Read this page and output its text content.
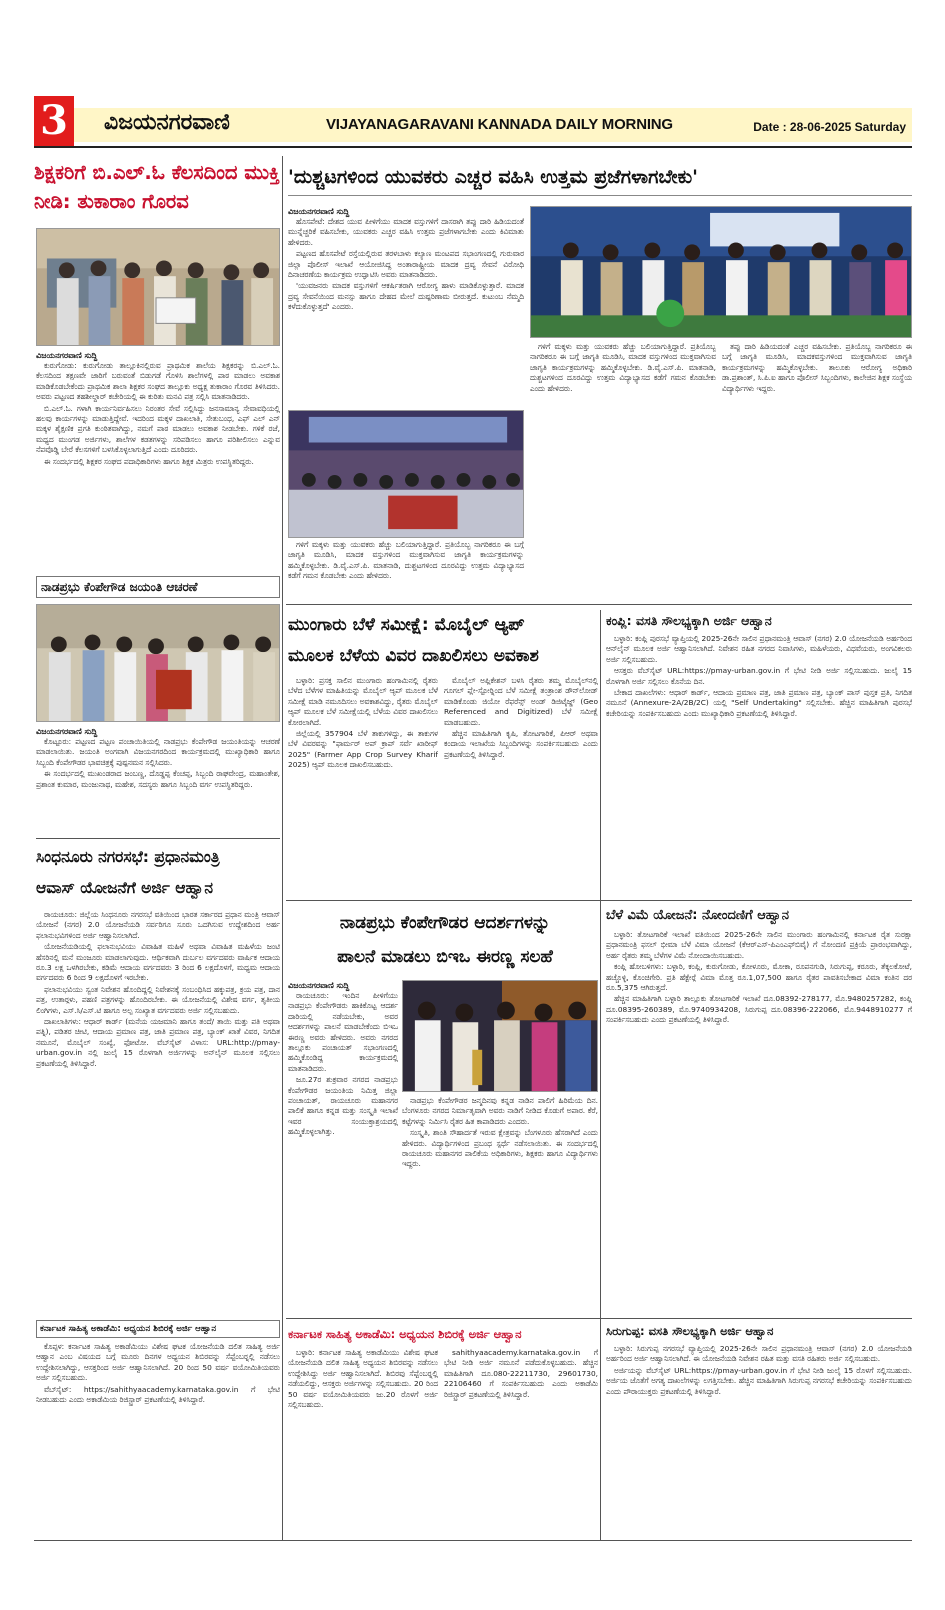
3 ವಿಜಯನಗರವಾಣಿ	VIJAYANAGARAVANI KANNADA DAILY MORNING	Date : 28-06-2025 Saturday
ಶಿಕ್ಷಕರಿಗೆ ಬಿ.ಎಲ್.ಓ ಕೆಲಸದಿಂದ ಮುಕ್ತಿ ನೀಡಿ: ತುಕಾರಾಂ ಗೊರವ
ವಿಜಯನಗರವಾಣಿ ಸುದ್ದಿ

ಕುರುಗೋಡು: ಕುರುಗೋಡು ತಾಲ್ಲೂಕಿನಲ್ಲಿರುವ ಪ್ರಾಥಮಿಕ ಶಾಲೆಯ ಶಿಕ್ಷಕರನ್ನು ಬಿ.ಎಲ್.ಓ. ಕೆಲಸದಿಂದ ತಕ್ಷಣವೇ ಜಾರಿಗೆ ಬರುವಂತೆ ಬಿಡುಗಡೆ ಗೊಳಿಸಿ ಶಾಲೆಗಳಲ್ಲಿ ಪಾಠ ಮಾಡಲು ಅವಕಾಶ ಮಾಡಿಕೊಡಬೇಕೆಂದು ಪ್ರಾಥಮಿಕ ಶಾಲಾ ಶಿಕ್ಷಕರ ಸಂಘದ ತಾಲ್ಲೂಕು ಅಧ್ಯಕ್ಷ ತುಕಾರಾಂ ಗೊರವ ತಿಳಿಸಿದರು. ಅವರು ಪಟ್ಟಣದ ತಹಶೀಲ್ದಾರ್ ಕಚೇರಿಯಲ್ಲಿ ಈ ಕುರಿತು ಮನವಿ ಪತ್ರ ಸಲ್ಲಿಸಿ ಮಾತನಾಡಿದರು.

ಬಿ.ಎಲ್.ಓ. ಗಳಾಗಿ ಕಾರ್ಯನಿರ್ವಹಿಸಲು ನಿರಂತರ ಸೇವೆ ಸಲ್ಲಿಸಿದ್ದು ಜನಸಾಮಾನ್ಯ ಸೇವಾವಧಿಯಲ್ಲಿ ಹಲವು ಕಾರ್ಯಗಳನ್ನು ಮಾಡುತ್ತಿದ್ದೇವೆ. ಇದರಿಂದ ಮಕ್ಕಳ ದಾಖಲಾತಿ, ಸೇತುಬಂಧ, ಎಫ್ ಎಲ್ ಎನ್ ಮಕ್ಕಳ ಶೈಕ್ಷಣಿಕ ಪ್ರಗತಿ ಕುಂಠಿತವಾಗಿದ್ದು, ನಮಗೆ ಪಾಠ ಮಾಡಲು ಅವಕಾಶ ನೀಡಬೇಕು. ಗಳಿಕೆ ರಜೆ, ಮಧ್ಯದ ಮುಂಗಡ ಅರ್ಜಿಗಳು, ಶಾಲೆಗಳ ಕಡತಗಳನ್ನು ಸರಿಪಡಿಸಲು ಹಾಗೂ ಪರಿಶೀಲಿಸಲು ಎನ್ನುವ ನೆಪವೊಡ್ಡಿ ಬೇರೆ ಕೆಲಸಗಳಿಗೆ ಬಳಸಿಕೊಳ್ಳಲಾಗುತ್ತಿದೆ ಎಂದು ದೂರಿದರು.

ಈ ಸಂದರ್ಭದಲ್ಲಿ ಶಿಕ್ಷಕರ ಸಂಘದ ಪದಾಧಿಕಾರಿಗಳು ಹಾಗೂ ಶಿಕ್ಷಕ ಮಿತ್ರರು ಉಪಸ್ಥಿತರಿದ್ದರು.

'ದುಶ್ಚಟಗಳಿಂದ ಯುವಕರು ಎಚ್ಚರ ವಹಿಸಿ ಉತ್ತಮ ಪ್ರಜೆಗಳಾಗಬೇಕು'
ವಿಜಯನಗರವಾಣಿ ಸುದ್ದಿ

ಹೊಸಪೇಟೆ: ದೇಶದ ಯುವ ಪೀಳಿಗೆಯು ಮಾದಕ ವಸ್ತುಗಳಿಗೆ ದಾಸರಾಗಿ ತಪ್ಪು ದಾರಿ ಹಿಡಿಯದಂತೆ ಮುನ್ನೆಚ್ಚರಿಕೆ ವಹಿಸಬೇಕು, ಯುವಕರು ಎಚ್ಚರ ವಹಿಸಿ ಉತ್ತಮ ಪ್ರಜೆಗಳಾಗಬೇಕು ಎಂದು ಕಿವಿಮಾತು ಹೇಳಿದರು.

ಪಟ್ಟಣದ ಹೊಸಪೇಟೆ ರಸ್ತೆಯಲ್ಲಿರುವ ತರಳಬಾಳು ಕಲ್ಯಾಣ ಮಂಟಪದ ಸಭಾಂಗಣದಲ್ಲಿ ಗುರುವಾರ ಜಿಲ್ಲಾ ಪೊಲೀಸ್ ಇಲಾಖೆ ಆಯೋಜಿಸಿದ್ದ ಅಂತಾರಾಷ್ಟ್ರೀಯ ಮಾದಕ ದ್ರವ್ಯ ಸೇವನೆ ವಿರೋಧಿ ದಿನಾಚರಣೆಯ ಕಾರ್ಯಕ್ರಮ ಉದ್ಘಾಟಿಸಿ ಅವರು ಮಾತನಾಡಿದರು.

'ಯುವಜನರು ಮಾದಕ ವಸ್ತುಗಳಿಗೆ ಆಕರ್ಷಿತರಾಗಿ ಆರೋಗ್ಯ ಹಾಳು ಮಾಡಿಕೊಳ್ಳುತ್ತಾರೆ. ಮಾದಕ ದ್ರವ್ಯ ಸೇವನೆಯಿಂದ ಮನಸ್ಸು ಹಾಗೂ ದೇಹದ ಮೇಲೆ ದುಷ್ಪರಿಣಾಮ ಬೀರುತ್ತದೆ. ಕುಟುಂಬ ನೆಮ್ಮದಿ ಕಳೆದುಕೊಳ್ಳುತ್ತದೆ' ಎಂದರು.

ಗಳಿಗೆ ಮಕ್ಕಳು ಮತ್ತು ಯುವಕರು ಹೆಚ್ಚು ಬಲಿಯಾಗುತ್ತಿದ್ದಾರೆ. ಪ್ರತಿಯೊಬ್ಬ ನಾಗರಿಕರೂ ಈ ಬಗ್ಗೆ ಜಾಗೃತಿ ಮೂಡಿಸಿ, ಮಾದಕ ವಸ್ತುಗಳಿಂದ ಮುಕ್ತವಾಗಿಸುವ ಜಾಗೃತಿ ಕಾರ್ಯಕ್ರಮಗಳನ್ನು ಹಮ್ಮಿಕೊಳ್ಳಬೇಕು. ಡಿ.ವೈ.ಎಸ್.ಪಿ. ಮಾತನಾಡಿ, ದುಶ್ಚಟಗಳಿಂದ ದೂರವಿದ್ದು ಉತ್ತಮ ವಿದ್ಯಾಭ್ಯಾಸದ ಕಡೆಗೆ ಗಮನ ಕೊಡಬೇಕು ಎಂದು ಹೇಳಿದರು.

ಗಳಿಗೆ ಮಕ್ಕಳು ಮತ್ತು ಯುವಕರು ಹೆಚ್ಚು ಬಲಿಯಾಗುತ್ತಿದ್ದಾರೆ. ಪ್ರತಿಯೊಬ್ಬ ನಾಗರಿಕರೂ ಈ ಬಗ್ಗೆ ಜಾಗೃತಿ ಮೂಡಿಸಿ, ಮಾದಕ ವಸ್ತುಗಳಿಂದ ಮುಕ್ತವಾಗಿಸುವ ಜಾಗೃತಿ ಕಾರ್ಯಕ್ರಮಗಳನ್ನು ಹಮ್ಮಿಕೊಳ್ಳಬೇಕು. ಡಿ.ವೈ.ಎಸ್.ಪಿ. ಮಾತನಾಡಿ, ದುಶ್ಚಟಗಳಿಂದ ದೂರವಿದ್ದು ಉತ್ತಮ ವಿದ್ಯಾಭ್ಯಾಸದ ಕಡೆಗೆ ಗಮನ ಕೊಡಬೇಕು ಎಂದು ಹೇಳಿದರು.

ತಪ್ಪು ದಾರಿ ಹಿಡಿಯದಂತೆ ಎಚ್ಚರ ವಹಿಸಬೇಕು. ಪ್ರತಿಯೊಬ್ಬ ನಾಗರಿಕರೂ ಈ ಬಗ್ಗೆ ಜಾಗೃತಿ ಮೂಡಿಸಿ, ಮಾದಕವಸ್ತುಗಳಿಂದ ಮುಕ್ತವಾಗಿಸುವ ಜಾಗೃತಿ ಕಾರ್ಯಕ್ರಮಗಳನ್ನು ಹಮ್ಮಿಕೊಳ್ಳಬೇಕು. ತಾಲೂಕು ಆರೋಗ್ಯ ಅಧಿಕಾರಿ ಡಾ.ಪ್ರಶಾಂತ್, ಸಿ.ಪಿ.ಐ ಹಾಗೂ ಪೊಲೀಸ್ ಸಿಬ್ಬಂದಿಗಳು, ಕಾಲೇಜಿನ ಶಿಕ್ಷಕ ಸಂಸ್ಥೆಯ ವಿದ್ಯಾರ್ಥಿಗಳು ಇದ್ದರು.

ನಾಡಪ್ರಭು ಕೆಂಪೇಗೌಡ ಜಯಂತಿ ಆಚರಣೆ
ವಿಜಯನಗರವಾಣಿ ಸುದ್ದಿ

ಕೊಟ್ಟೂರು: ಪಟ್ಟಣದ ಪಟ್ಟಣ ಪಂಚಾಯಿತಿಯಲ್ಲಿ ನಾಡಪ್ರಭು ಕೆಂಪೇಗೌಡ ಜಯಂತಿಯನ್ನು ಆಚರಣೆ ಮಾಡಲಾಯಿತು. ಜಯಂತಿ ಅಂಗವಾಗಿ ವಿಜಯನಗರದಿಂದ ಕಾರ್ಯಕ್ರಮದಲ್ಲಿ ಮುಖ್ಯಾಧಿಕಾರಿ ಹಾಗೂ ಸಿಬ್ಬಂದಿ ಕೆಂಪೇಗೌಡರ ಭಾವಚಿತ್ರಕ್ಕೆ ಪುಷ್ಪನಮನ ಸಲ್ಲಿಸಿದರು.

ಈ ಸಂದರ್ಭದಲ್ಲಿ ಮುಖಂಡರಾದ ಜಂಬಣ್ಣ, ದೊಡ್ಡಪ್ಪ ಕೆಂಚಪ್ಪ, ಸಿಬ್ಬಂದಿ ರಾಘವೇಂದ್ರ, ಮಹಾಂತೇಶ, ಪ್ರಶಾಂತ ಕುಮಾರ, ಮಂಜುನಾಥ, ಮಹೇಶ, ಸದಸ್ಯರು ಹಾಗೂ ಸಿಬ್ಬಂದಿ ವರ್ಗ ಉಪಸ್ಥಿತರಿದ್ದರು.

ಮುಂಗಾರು ಬೆಳೆ ಸಮೀಕ್ಷೆ: ಮೊಬೈಲ್ ಆ್ಯಪ್
ಮೂಲಕ ಬೆಳೆಯ ವಿವರ ದಾಖಲಿಸಲು ಅವಕಾಶ

ಬಳ್ಳಾರಿ: ಪ್ರಸಕ್ತ ಸಾಲಿನ ಮುಂಗಾರು ಹಂಗಾಮಿನಲ್ಲಿ ರೈತರು ಬೆಳೆದ ಬೆಳೆಗಳ ಮಾಹಿತಿಯನ್ನು ಮೊಬೈಲ್ ಆ್ಯಪ್ ಮೂಲಕ ಬೆಳೆ ಸಮೀಕ್ಷೆ ಮಾಡಿ ನಮೂದಿಸಲು ಅವಕಾಶವಿದ್ದು, ರೈತರು ಮೊಬೈಲ್ ಆ್ಯಪ್ ಮೂಲಕ ಬೆಳೆ ಸಮೀಕ್ಷೆಯಲ್ಲಿ ಬೆಳೆಯ ವಿವರ ದಾಖಲಿಸಲು ಕೋರಲಾಗಿದೆ.

ಜಿಲ್ಲೆಯಲ್ಲಿ 357904 ಬೆಳೆ ತಾಕುಗಳಿದ್ದು, ಈ ತಾಕುಗಳ ಬೆಳೆ ವಿವರವನ್ನು "ಫಾರ್ಮರ್ ಅಪ್ ಕ್ರಾಪ್ ಸರ್ವೆ ಖಾರೀಫ್ 2025" (Farmer App Crop Survey Kharif 2025) ಆ್ಯಪ್ ಮೂಲಕ ದಾಖಲಿಸಬಹುದು.

ಮೊಬೈಲ್ ಅಪ್ಲಿಕೇಶನ್ ಬಳಸಿ ರೈತರು ತಮ್ಮ ಮೊಬೈಲ್‍ನಲ್ಲಿ ಗೂಗಲ್ ಪ್ಲೇ-ಸ್ಟೋರ್‍ನಿಂದ ಬೆಳೆ ಸಮೀಕ್ಷೆ ತಂತ್ರಾಂಶ ಡೌನ್‍ಲೋಡ್ ಮಾಡಿಕೊಂಡು ಜಿಯೋ ರೆಫರೆನ್ಸ್ ಅಂಡ್ ಡಿಜಿಟೈಜ್ಡ್ (Geo Referenced and Digitized) ಬೆಳೆ ಸಮೀಕ್ಷೆ ಮಾಡಬಹುದು.

ಹೆಚ್ಚಿನ ಮಾಹಿತಿಗಾಗಿ ಕೃಷಿ, ತೋಟಗಾರಿಕೆ, ಪಿಆರ್ ಅಥವಾ ಕಂದಾಯ ಇಲಾಖೆಯ ಸಿಬ್ಬಂದಿಗಳನ್ನು ಸಂಪರ್ಕಿಸಬಹುದು ಎಂದು ಪ್ರಕಟಣೆಯಲ್ಲಿ ತಿಳಿಸಿದ್ದಾರೆ.

ಕಂಪ್ಲಿ: ವಸತಿ ಸೌಲಭ್ಯಕ್ಕಾಗಿ ಅರ್ಜಿ ಆಹ್ವಾನ

ಬಳ್ಳಾರಿ: ಕಂಪ್ಲಿ ಪುರಸಭೆ ವ್ಯಾಪ್ತಿಯಲ್ಲಿ 2025-26ನೇ ಸಾಲಿನ ಪ್ರಧಾನಮಂತ್ರಿ ಆವಾಸ್ (ನಗರ) 2.0 ಯೋಜನೆಯಡಿ ಅರ್ಹರಿಂದ ಆನ್‍ಲೈನ್ ಮೂಲಕ ಅರ್ಜಿ ಆಹ್ವಾನಿಸಲಾಗಿದೆ. ನಿವೇಶನ ರಹಿತ ನಗರದ ನಿವಾಸಿಗಳು, ಮಹಿಳೆಯರು, ವಿಧವೆಯರು, ಅಂಗವಿಕಲರು ಅರ್ಜಿ ಸಲ್ಲಿಸಬಹುದು.

ಆಸಕ್ತರು ವೆಬ್‍ಸೈಟ್ URL:https://pmay-urban.gov.in ಗೆ ಭೇಟಿ ನೀಡಿ ಅರ್ಜಿ ಸಲ್ಲಿಸಬಹುದು. ಜುಲೈ 15 ರೊಳಗಾಗಿ ಅರ್ಜಿ ಸಲ್ಲಿಸಲು ಕೊನೆಯ ದಿನ.

ಬೇಕಾದ ದಾಖಲೆಗಳು: ಆಧಾರ್ ಕಾರ್ಡ್, ಆದಾಯ ಪ್ರಮಾಣ ಪತ್ರ, ಜಾತಿ ಪ್ರಮಾಣ ಪತ್ರ, ಬ್ಯಾಂಕ್ ಪಾಸ್ ಪುಸ್ತಕ ಪ್ರತಿ, ನಿಗದಿತ ನಮೂನೆ (Annexure-2A/2B/2C) ಯಲ್ಲಿ "Self Undertaking" ಸಲ್ಲಿಸಬೇಕು. ಹೆಚ್ಚಿನ ಮಾಹಿತಿಗಾಗಿ ಪುರಸಭೆ ಕಚೇರಿಯನ್ನು ಸಂಪರ್ಕಿಸಬಹುದು ಎಂದು ಮುಖ್ಯಾಧಿಕಾರಿ ಪ್ರಕಟಣೆಯಲ್ಲಿ ತಿಳಿಸಿದ್ದಾರೆ.

ಸಿಂಧನೂರು ನಗರಸಭೆ: ಪ್ರಧಾನಮಂತ್ರಿ
ಆವಾಸ್ ಯೋಜನೆಗೆ ಅರ್ಜಿ ಆಹ್ವಾನ

ರಾಯಚೂರು: ಜಿಲ್ಲೆಯ ಸಿಂಧನೂರು ನಗರಸಭೆ ವತಿಯಿಂದ ಭಾರತ ಸರ್ಕಾರದ ಪ್ರಧಾನ ಮಂತ್ರಿ ಆವಾಸ್ ಯೋಜನೆ (ನಗರ) 2.0 ಯೋಜನೆಯಡಿ ಸರ್ವರಿಗೂ ಸೂರು ಒದಗಿಸುವ ಉದ್ದೇಶದಿಂದ ಅರ್ಹ ಫಲಾನುಭವಿಗಳಿಂದ ಅರ್ಜಿ ಆಹ್ವಾನಿಸಲಾಗಿದೆ.

ಯೋಜನೆಯಡಿಯಲ್ಲಿ ಫಲಾನುಭವಿಯು ವಿವಾಹಿತ ಮಹಿಳೆ ಅಥವಾ ವಿವಾಹಿತ ಮಹಿಳೆಯ ಜಂಟಿ ಹೆಸರಿನಲ್ಲಿ ಮನೆ ಮಂಜೂರು ಮಾಡಲಾಗುವುದು. ಆರ್ಥಿಕವಾಗಿ ದುರ್ಬಲ ವರ್ಗದವರು ವಾರ್ಷಿಕ ಆದಾಯ ರೂ.3 ಲಕ್ಷ ಒಳಗಿರಬೇಕು, ಕಡಿಮೆ ಆದಾಯ ವರ್ಗದವರು 3 ರಿಂದ 6 ಲಕ್ಷದೊಳಗೆ, ಮಧ್ಯಮ ಆದಾಯ ವರ್ಗದವರು 6 ರಿಂದ 9 ಲಕ್ಷದೊಳಗೆ ಇರಬೇಕು.

ಫಲಾನುಭವಿಯು ಸ್ವಂತ ನಿವೇಶನ ಹೊಂದಿದ್ದಲ್ಲಿ ನಿವೇಶನಕ್ಕೆ ಸಂಬಂಧಿಸಿದ ಹಕ್ಕುಪತ್ರ, ಕ್ರಯ ಪತ್ರ, ದಾನ ಪತ್ರ, ಉತಾರ್‍ಗಳು, ಪಹಣಿ ಪತ್ರಗಳನ್ನು ಹೊಂದಿರಬೇಕು. ಈ ಯೋಜನೆಯಲ್ಲಿ ವಿಶೇಷ ವರ್ಗ, ತೃತೀಯ ಲಿಂಗಿಗಳು, ಎಸ್.ಸಿ/ಎಸ್.ಟಿ ಹಾಗೂ ಅಲ್ಪ ಸಂಖ್ಯಾತ ವರ್ಗದವರು ಅರ್ಜಿ ಸಲ್ಲಿಸಬಹುದು.

ದಾಖಲಾತಿಗಳು: ಆಧಾರ್ ಕಾರ್ಡ್ (ಮನೆಯ ಯಜಮಾನಿ ಹಾಗೂ ತಂದೆ/ ತಾಯಿ ಮತ್ತು ಪತಿ ಅಥವಾ ಪತ್ನಿ), ಪಡಿತರ ಚೀಟಿ, ಆದಾಯ ಪ್ರಮಾಣ ಪತ್ರ, ಜಾತಿ ಪ್ರಮಾಣ ಪತ್ರ, ಬ್ಯಾಂಕ್ ಖಾತೆ ವಿವರ, ನಿಗದಿತ ನಮೂನೆ, ಮೊಬೈಲ್ ಸಂಖ್ಯೆ, ಫೋಟೋ. ವೆಬ್‍ಸೈಟ್ ವಿಳಾಸ: URL:http://pmay-urban.gov.in ನಲ್ಲಿ ಜುಲೈ 15 ರೊಳಗಾಗಿ ಅರ್ಜಿಗಳನ್ನು ಅನ್‍ಲೈನ್ ಮೂಲಕ ಸಲ್ಲಿಸಲು ಪ್ರಕಟಣೆಯಲ್ಲಿ ತಿಳಿಸಿದ್ದಾರೆ.

ನಾಡಪ್ರಭು ಕೆಂಪೇಗೌಡರ ಆದರ್ಶಗಳನ್ನು
ಪಾಲನೆ ಮಾಡಲು ಬಿಇಒ ಈರಣ್ಣ ಸಲಹೆ
ವಿಜಯನಗರವಾಣಿ ಸುದ್ದಿ

ರಾಯಚೂರು: ಇಂದಿನ ಪೀಳಿಗೆಯು ನಾಡಪ್ರಭು ಕೆಂಪೇಗೌಡರು ಹಾಕಿಕೊಟ್ಟ ಆದರ್ಶ ದಾರಿಯಲ್ಲಿ ನಡೆಯಬೇಕು, ಅವರ ಆದರ್ಶಗಳನ್ನು ಪಾಲನೆ ಮಾಡಬೇಕೆಂದು ಬಿಇಒ ಈರಣ್ಣ ಅವರು ಹೇಳಿದರು. ಅವರು ನಗರದ ತಾಲ್ಲೂಕು ಪಂಚಾಯತ್ ಸಭಾಂಗಣದಲ್ಲಿ ಹಮ್ಮಿಕೊಂಡಿದ್ದ ಕಾರ್ಯಕ್ರಮದಲ್ಲಿ ಮಾತನಾಡಿದರು.

ಜೂ.27ರ ಶುಕ್ರವಾರ ನಗರದ ನಾಡಪ್ರಭು ಕೆಂಪೇಗೌಡರ ಜಯಂತಿಯ ನಿಮಿತ್ತ ಜಿಲ್ಲಾ ಪಂಚಾಯತ್, ರಾಯಚೂರು ಮಹಾನಗರ ಪಾಲಿಕೆ ಹಾಗೂ ಕನ್ನಡ ಮತ್ತು ಸಂಸ್ಕೃತಿ ಇಲಾಖೆ ಇವರ ಸಂಯುಕ್ತಾಶ್ರಯದಲ್ಲಿ ಹಮ್ಮಿಕೊಳ್ಳಲಾಗಿತ್ತು.

ನಾಡಪ್ರಭು ಕೆಂಪೇಗೌಡರ ಜನ್ಮದಿನವು ಕನ್ನಡ ನಾಡಿನ ಪಾಲಿಗೆ ಹಿರಿಮೆಯ ದಿನ. ಬೆಂಗಳೂರು ನಗರದ ನಿರ್ಮಾತೃವಾಗಿ ಅವರು ನಾಡಿಗೆ ನೀಡಿದ ಕೊಡುಗೆ ಅಪಾರ. ಕೆರೆ, ಕಟ್ಟೆಗಳನ್ನು ನಿರ್ಮಿಸಿ ರೈತರ ಹಿತ ಕಾಪಾಡಿದರು ಎಂದರು.

ಸಂಸ್ಕೃತಿ, ಶಾಂತಿ ಸೌಹಾರ್ದತೆ ಇರುವ ಕ್ಷೇತ್ರವನ್ನು ಬೆಂಗಳೂರು ಹೆಸರಾಗಿದೆ ಎಂದು ಹೇಳಿದರು. ವಿದ್ಯಾರ್ಥಿಗಳಿಂದ ಪ್ರಬಂಧ ಸ್ಪರ್ಧೆ ನಡೆಸಲಾಯಿತು. ಈ ಸಂದರ್ಭದಲ್ಲಿ ರಾಯಚೂರು ಮಹಾನಗರ ಪಾಲಿಕೆಯ ಅಧಿಕಾರಿಗಳು, ಶಿಕ್ಷಕರು ಹಾಗೂ ವಿದ್ಯಾರ್ಥಿಗಳು ಇದ್ದರು.

ಬೆಳೆ ವಿಮೆ ಯೋಜನೆ: ನೋಂದಣಿಗೆ ಆಹ್ವಾನ

ಬಳ್ಳಾರಿ: ತೋಟಗಾರಿಕೆ ಇಲಾಖೆ ವತಿಯಿಂದ 2025-26ನೇ ಸಾಲಿನ ಮುಂಗಾರು ಹಂಗಾಮಿನಲ್ಲಿ ಕರ್ನಾಟಕ ರೈತ ಸುರಕ್ಷಾ ಪ್ರಧಾನಮಂತ್ರಿ ಫಸಲ್ ಭೀಮಾ ಬೆಳೆ ವಿಮಾ ಯೋಜನೆ (ಕೆಆರ್‍ಎಸ್-ಪಿಎಂಎಫ್‍ಬಿವೈ) ಗೆ ನೋಂದಣಿ ಪ್ರಕ್ರಿಯೆ ಪ್ರಾರಂಭವಾಗಿದ್ದು, ಅರ್ಹ ರೈತರು ತಮ್ಮ ಬೆಳೆಗಳ ವಿಮೆ ನೋಂದಾಯಿಸಬಹುದು.

ಕಂಪ್ಲಿ ಹೋಬಳಿಗಳು: ಬಳ್ಳಾರಿ, ಕಂಪ್ಲಿ, ಕುರುಗೋಡು, ಕೋಳೂರು, ಮೋಕಾ, ರೂಪನಗುಡಿ, ಸಿರುಗುಪ್ಪ, ಕರೂರು, ತೆಕ್ಕಲಕೋಟೆ, ಹಚ್ಚೊಳ್ಳಿ, ಕೊಂಚಿಗೇರಿ. ಪ್ರತಿ ಹೆಕ್ಟೇರ್‍ಗೆ ವಿಮಾ ಮೊತ್ತ ರೂ.1,07,500 ಹಾಗೂ ರೈತರ ಪಾವತಿಸಬೇಕಾದ ವಿಮಾ ಕಂತಿನ ದರ ರೂ.5,375 ಆಗಿರುತ್ತದೆ.

ಹೆಚ್ಚಿನ ಮಾಹಿತಿಗಾಗಿ ಬಳ್ಳಾರಿ ತಾಲ್ಲೂಕು ತೋಟಗಾರಿಕೆ ಇಲಾಖೆ ದೂ.08392-278177, ಮೊ.9480257282, ಕಂಪ್ಲಿ ದೂ.08395-260389, ಮೊ.9740934208, ಸಿರುಗುಪ್ಪ ದೂ.08396-222066, ಮೊ.9448910277 ಗೆ ಸಂಪರ್ಕಿಸಬಹುದು ಎಂದು ಪ್ರಕಟಣೆಯಲ್ಲಿ ತಿಳಿಸಿದ್ದಾರೆ.

ಕರ್ನಾಟಕ ಸಾಹಿತ್ಯ ಅಕಾಡೆಮಿ: ಅಧ್ಯಯನ ಶಿಬಿರಕ್ಕೆ ಅರ್ಜಿ ಆಹ್ವಾನ

ಕೊಪ್ಪಳ: ಕರ್ನಾಟಕ ಸಾಹಿತ್ಯ ಅಕಾಡೆಮಿಯು ವಿಶೇಷ ಘಟಕ ಯೋಜನೆಯಡಿ ದಲಿತ ಸಾಹಿತ್ಯ ಅರ್ಜಿ ಆಹ್ವಾನ ಎಂಬ ವಿಷಯದ ಬಗ್ಗೆ ಮೂರು ದಿನಗಳ ಅಧ್ಯಯನ ಶಿಬಿರವನ್ನು ಸೆಪ್ಟೆಂಬರ್‍ನಲ್ಲಿ ನಡೆಸಲು ಉದ್ದೇಶಿಸಲಾಗಿದ್ದು, ಆಸಕ್ತರಿಂದ ಅರ್ಜಿ ಆಹ್ವಾನಿಸಲಾಗಿದೆ. 20 ರಿಂದ 50 ವರ್ಷ ವಯೋಮಿತಿಯವರು ಅರ್ಜಿ ಸಲ್ಲಿಸಬಹುದು.

ವೆಬ್‍ಸೈಟ್: https://sahithyaacademy.karnataka.gov.in ಗೆ ಭೇಟಿ ನೀಡಬಹುದು ಎಂದು ಅಕಾಡೆಮಿಯ ರಿಜಿಸ್ಟ್ರಾರ್ ಪ್ರಕಟಣೆಯಲ್ಲಿ ತಿಳಿಸಿದ್ದಾರೆ.

ಕರ್ನಾಟಕ ಸಾಹಿತ್ಯ ಅಕಾಡೆಮಿ: ಅಧ್ಯಯನ ಶಿಬಿರಕ್ಕೆ ಅರ್ಜಿ ಆಹ್ವಾನ

ಬಳ್ಳಾರಿ: ಕರ್ನಾಟಕ ಸಾಹಿತ್ಯ ಅಕಾಡೆಮಿಯು ವಿಶೇಷ ಘಟಕ ಯೋಜನೆಯಡಿ ದಲಿತ ಸಾಹಿತ್ಯ ಅಧ್ಯಯನ ಶಿಬಿರವನ್ನು ನಡೆಸಲು ಉದ್ದೇಶಿಸಿದ್ದು ಅರ್ಜಿ ಆಹ್ವಾನಿಸಲಾಗಿದೆ. ಶಿಬಿರವು ಸೆಪ್ಟೆಂಬರ್‍ನಲ್ಲಿ ನಡೆಯಲಿದ್ದು, ಆಸಕ್ತರು ಅರ್ಜಿಗಳನ್ನು ಸಲ್ಲಿಸಬಹುದು. 20 ರಿಂದ 50 ವರ್ಷ ವಯೋಮಿತಿಯವರು ಜು.20 ರೊಳಗೆ ಅರ್ಜಿ ಸಲ್ಲಿಸಬಹುದು.

sahithyaacademy.karnataka.gov.in ಗೆ ಭೇಟಿ ನೀಡಿ ಅರ್ಜಿ ನಮೂನೆ ಪಡೆದುಕೊಳ್ಳಬಹುದು. ಹೆಚ್ಚಿನ ಮಾಹಿತಿಗಾಗಿ ದೂ.080-22211730, 29601730, 22106460 ಗೆ ಸಂಪರ್ಕಿಸಬಹುದು ಎಂದು ಅಕಾಡೆಮಿ ರಿಜಿಸ್ಟ್ರಾರ್ ಪ್ರಕಟಣೆಯಲ್ಲಿ ತಿಳಿಸಿದ್ದಾರೆ.

ಸಿರುಗುಪ್ಪ: ವಸತಿ ಸೌಲಭ್ಯಕ್ಕಾಗಿ ಅರ್ಜಿ ಆಹ್ವಾನ

ಬಳ್ಳಾರಿ: ಸಿರುಗುಪ್ಪ ನಗರಸಭೆ ವ್ಯಾಪ್ತಿಯಲ್ಲಿ 2025-26ನೇ ಸಾಲಿನ ಪ್ರಧಾನಮಂತ್ರಿ ಆವಾಸ್ (ನಗರ) 2.0 ಯೋಜನೆಯಡಿ ಅರ್ಹರಿಂದ ಅರ್ಜಿ ಆಹ್ವಾನಿಸಲಾಗಿದೆ. ಈ ಯೋಜನೆಯಡಿ ನಿವೇಶನ ರಹಿತ ಮತ್ತು ವಸತಿ ರಹಿತರು ಅರ್ಜಿ ಸಲ್ಲಿಸಬಹುದು.

ಅರ್ಜಿಯನ್ನು ವೆಬ್‍ಸೈಟ್ URL:https://pmay-urban.gov.in ಗೆ ಭೇಟಿ ನೀಡಿ ಜುಲೈ 15 ರೊಳಗೆ ಸಲ್ಲಿಸಬಹುದು. ಅರ್ಜಿಯ ಜೊತೆಗೆ ಅಗತ್ಯ ದಾಖಲೆಗಳನ್ನು ಲಗತ್ತಿಸಬೇಕು. ಹೆಚ್ಚಿನ ಮಾಹಿತಿಗಾಗಿ ಸಿರುಗುಪ್ಪ ನಗರಸಭೆ ಕಚೇರಿಯನ್ನು ಸಂಪರ್ಕಿಸಬಹುದು ಎಂದು ಪೌರಾಯುಕ್ತರು ಪ್ರಕಟಣೆಯಲ್ಲಿ ತಿಳಿಸಿದ್ದಾರೆ.
